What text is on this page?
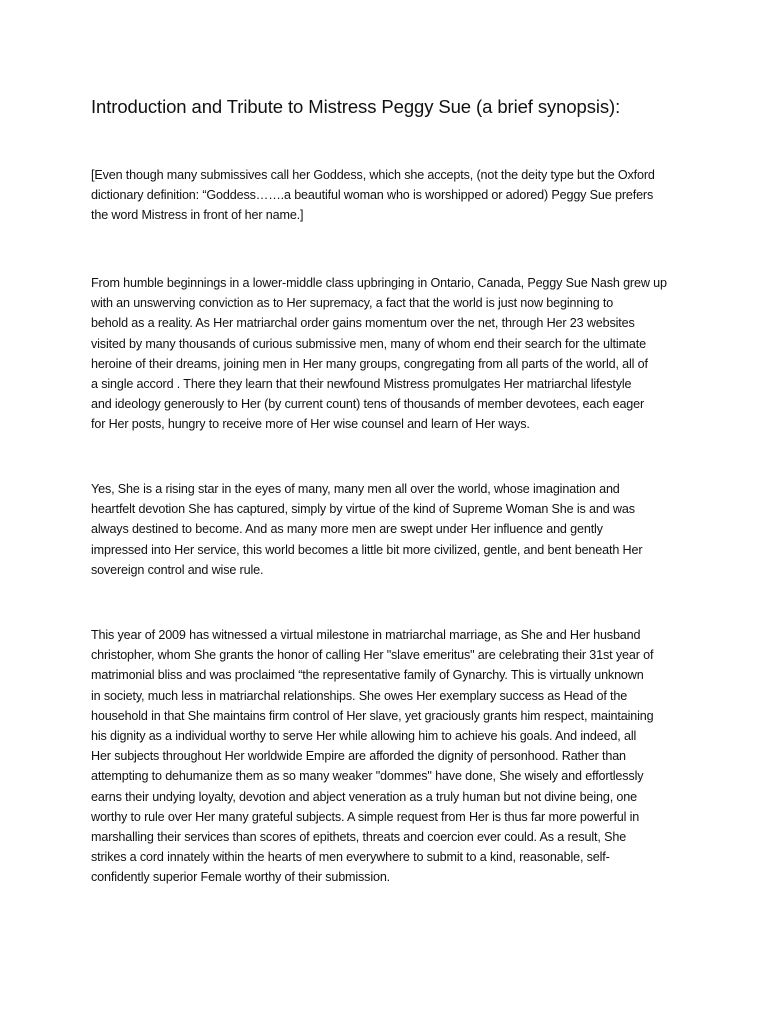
Introduction and Tribute to Mistress Peggy Sue (a brief synopsis):
[Even though many submissives call her Goddess, which she accepts, (not the deity type but the Oxford
dictionary definition: “Goddess…….a beautiful woman who is worshipped or adored) Peggy Sue prefers
the word Mistress in front of her name.]
From humble beginnings in a lower-middle class upbringing in Ontario, Canada, Peggy Sue Nash grew up
with an unswerving conviction as to Her supremacy, a fact that the world is just now beginning to
behold as a reality. As Her matriarchal order gains momentum over the net, through Her 23 websites
visited by many thousands of curious submissive men, many of whom end their search for the ultimate
heroine of their dreams, joining men in Her many groups, congregating from all parts of the world, all of
a single accord . There they learn that their newfound Mistress promulgates Her matriarchal lifestyle
and ideology generously to Her (by current count) tens of thousands of member devotees, each eager
for Her posts, hungry to receive more of Her wise counsel and learn of Her ways.
Yes, She is a rising star in the eyes of many, many men all over the world, whose imagination and
heartfelt devotion She has captured, simply by virtue of the kind of Supreme Woman She is and was
always destined to become. And as many more men are swept under Her influence and gently
impressed into Her service, this world becomes a little bit more civilized, gentle, and bent beneath Her
sovereign control and wise rule.
This year of 2009 has witnessed a virtual milestone in matriarchal marriage, as She and Her husband
christopher, whom She grants the honor of calling Her "slave emeritus" are celebrating their 31st year of
matrimonial bliss and was proclaimed “the representative family of Gynarchy. This is virtually unknown
in society, much less in matriarchal relationships. She owes Her exemplary success as Head of the
household in that She maintains firm control of Her slave, yet graciously grants him respect, maintaining
his dignity as a individual worthy to serve Her while allowing him to achieve his goals. And indeed, all
Her subjects throughout Her worldwide Empire are afforded the dignity of personhood. Rather than
attempting to dehumanize them as so many weaker "dommes" have done, She wisely and effortlessly
earns their undying loyalty, devotion and abject veneration as a truly human but not divine being, one
worthy to rule over Her many grateful subjects. A simple request from Her is thus far more powerful in
marshalling their services than scores of epithets, threats and coercion ever could. As a result, She
strikes a cord innately within the hearts of men everywhere to submit to a kind, reasonable, self-
confidently superior Female worthy of their submission.
